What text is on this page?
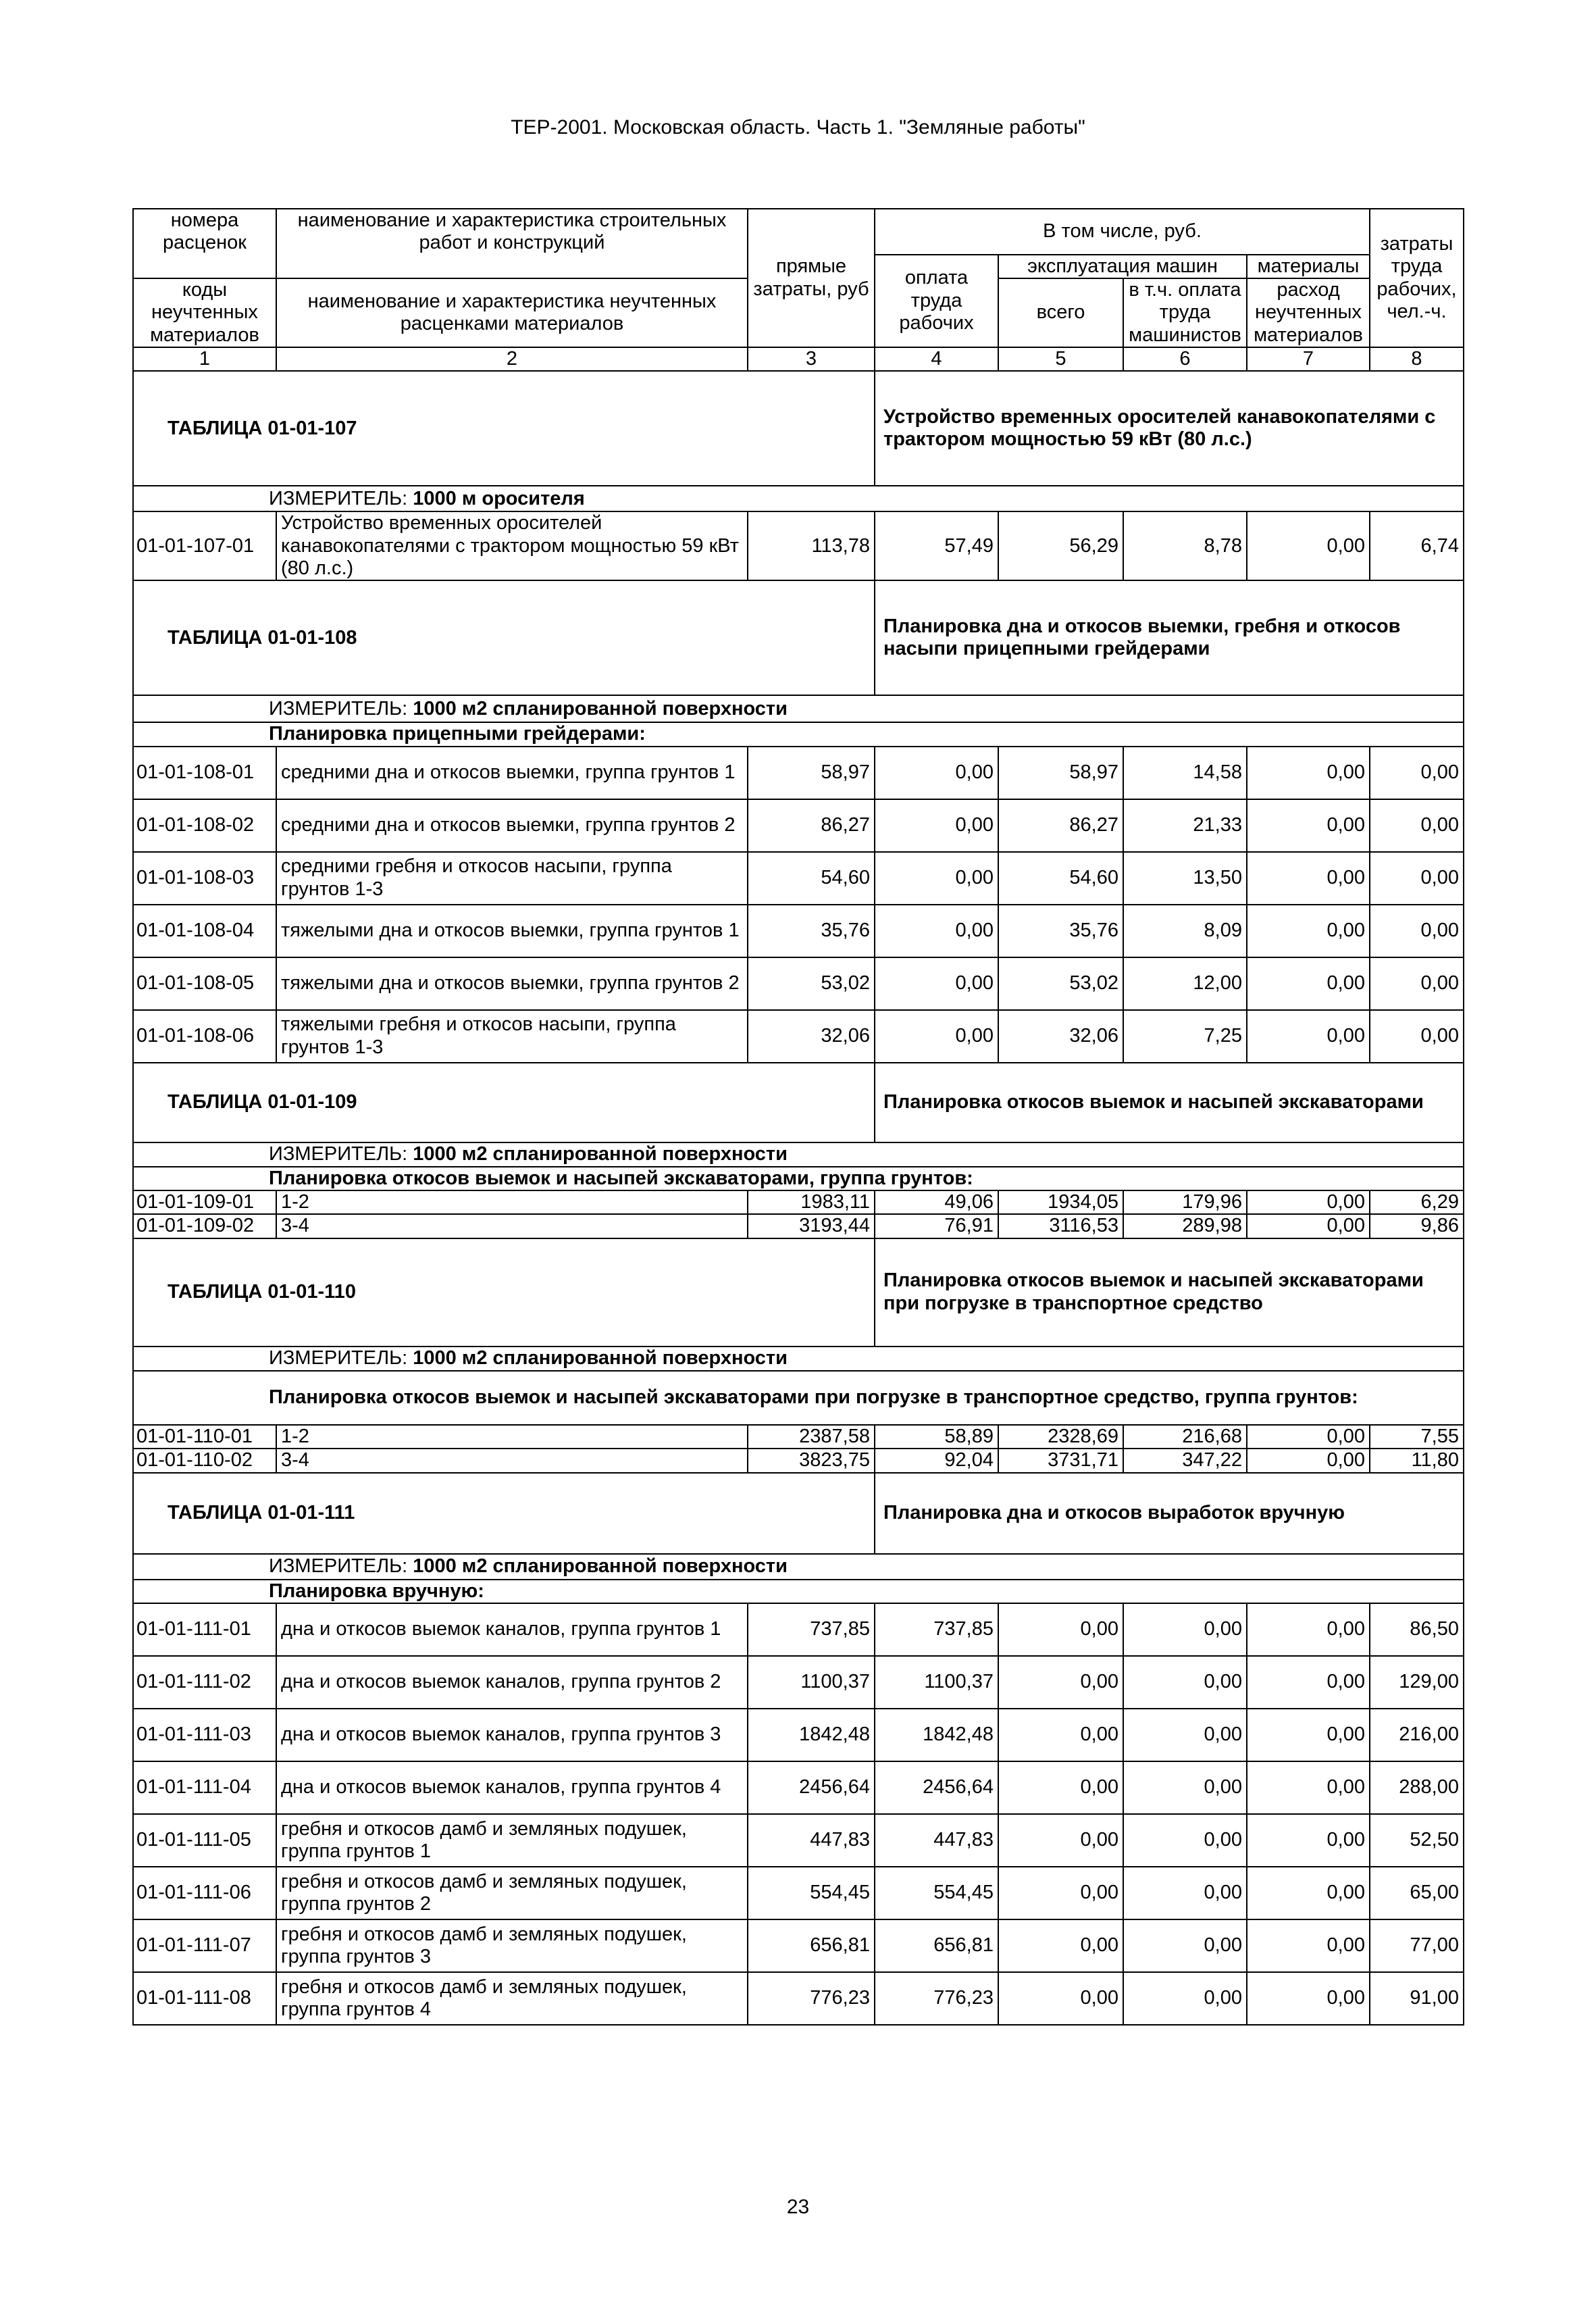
ТЕР-2001. Московская область. Часть 1. "Земляные работы"
номера расценок	наименование и характеристика строительных работ и конструкций	прямые затраты, руб	В том числе, руб.				затраты труда рабочих, чел.-ч.
			оплата труда рабочих	эксплуатация машин		материалы	
коды неучтенных материалов	наименование и характеристика неучтенных расценками материалов			всего	в т.ч. оплата труда машинистов	расход неучтенных материалов	

1	2	3	4	5	6	7	8
ТАБЛИЦА 01-01-107			Устройство временных оросителей канавокопателями с трактором мощностью 59 кВт (80 л.с.)				
ИЗМЕРИТЕЛЬ: 1000 м оросителя							
01-01-107-01	Устройство временных оросителей канавокопателями с трактором мощностью 59 кВт (80 л.с.)	113,78	57,49	56,29	8,78	0,00	6,74
ТАБЛИЦА 01-01-108			Планировка дна и откосов выемки, гребня и откосов насыпи прицепными грейдерами				
ИЗМЕРИТЕЛЬ: 1000 м2 спланированной поверхности							
Планировка прицепными грейдерами:							
01-01-108-01	средними дна и откосов выемки, группа грунтов 1	58,97	0,00	58,97	14,58	0,00	0,00
01-01-108-02	средними дна и откосов выемки, группа грунтов 2	86,27	0,00	86,27	21,33	0,00	0,00
01-01-108-03	средними гребня и откосов насыпи, группа грунтов 1-3	54,60	0,00	54,60	13,50	0,00	0,00
01-01-108-04	тяжелыми дна и откосов выемки, группа грунтов 1	35,76	0,00	35,76	8,09	0,00	0,00
01-01-108-05	тяжелыми дна и откосов выемки, группа грунтов 2	53,02	0,00	53,02	12,00	0,00	0,00
01-01-108-06	тяжелыми гребня и откосов насыпи, группа грунтов 1-3	32,06	0,00	32,06	7,25	0,00	0,00
ТАБЛИЦА 01-01-109			Планировка откосов выемок и насыпей экскаваторами				
ИЗМЕРИТЕЛЬ: 1000 м2 спланированной поверхности							
Планировка откосов выемок и насыпей экскаваторами, группа грунтов:							
01-01-109-01	1-2	1983,11	49,06	1934,05	179,96	0,00	6,29
01-01-109-02	3-4	3193,44	76,91	3116,53	289,98	0,00	9,86
ТАБЛИЦА 01-01-110			Планировка откосов выемок и насыпей экскаваторами при погрузке в транспортное средство				
ИЗМЕРИТЕЛЬ: 1000 м2 спланированной поверхности							
Планировка откосов выемок и насыпей экскаваторами при погрузке в транспортное средство, группа грунтов:							
01-01-110-01	1-2	2387,58	58,89	2328,69	216,68	0,00	7,55
01-01-110-02	3-4	3823,75	92,04	3731,71	347,22	0,00	11,80
ТАБЛИЦА 01-01-111			Планировка дна и откосов выработок вручную				
ИЗМЕРИТЕЛЬ: 1000 м2 спланированной поверхности							
Планировка вручную:							
01-01-111-01	дна и откосов выемок каналов, группа грунтов 1	737,85	737,85	0,00	0,00	0,00	86,50
01-01-111-02	дна и откосов выемок каналов, группа грунтов 2	1100,37	1100,37	0,00	0,00	0,00	129,00
01-01-111-03	дна и откосов выемок каналов, группа грунтов 3	1842,48	1842,48	0,00	0,00	0,00	216,00
01-01-111-04	дна и откосов выемок каналов, группа грунтов 4	2456,64	2456,64	0,00	0,00	0,00	288,00
01-01-111-05	гребня и откосов дамб и земляных подушек, группа грунтов 1	447,83	447,83	0,00	0,00	0,00	52,50
01-01-111-06	гребня и откосов дамб и земляных подушек, группа грунтов 2	554,45	554,45	0,00	0,00	0,00	65,00
01-01-111-07	гребня и откосов дамб и земляных подушек, группа грунтов 3	656,81	656,81	0,00	0,00	0,00	77,00
01-01-111-08	гребня и откосов дамб и земляных подушек, группа грунтов 4	776,23	776,23	0,00	0,00	0,00	91,00
23
